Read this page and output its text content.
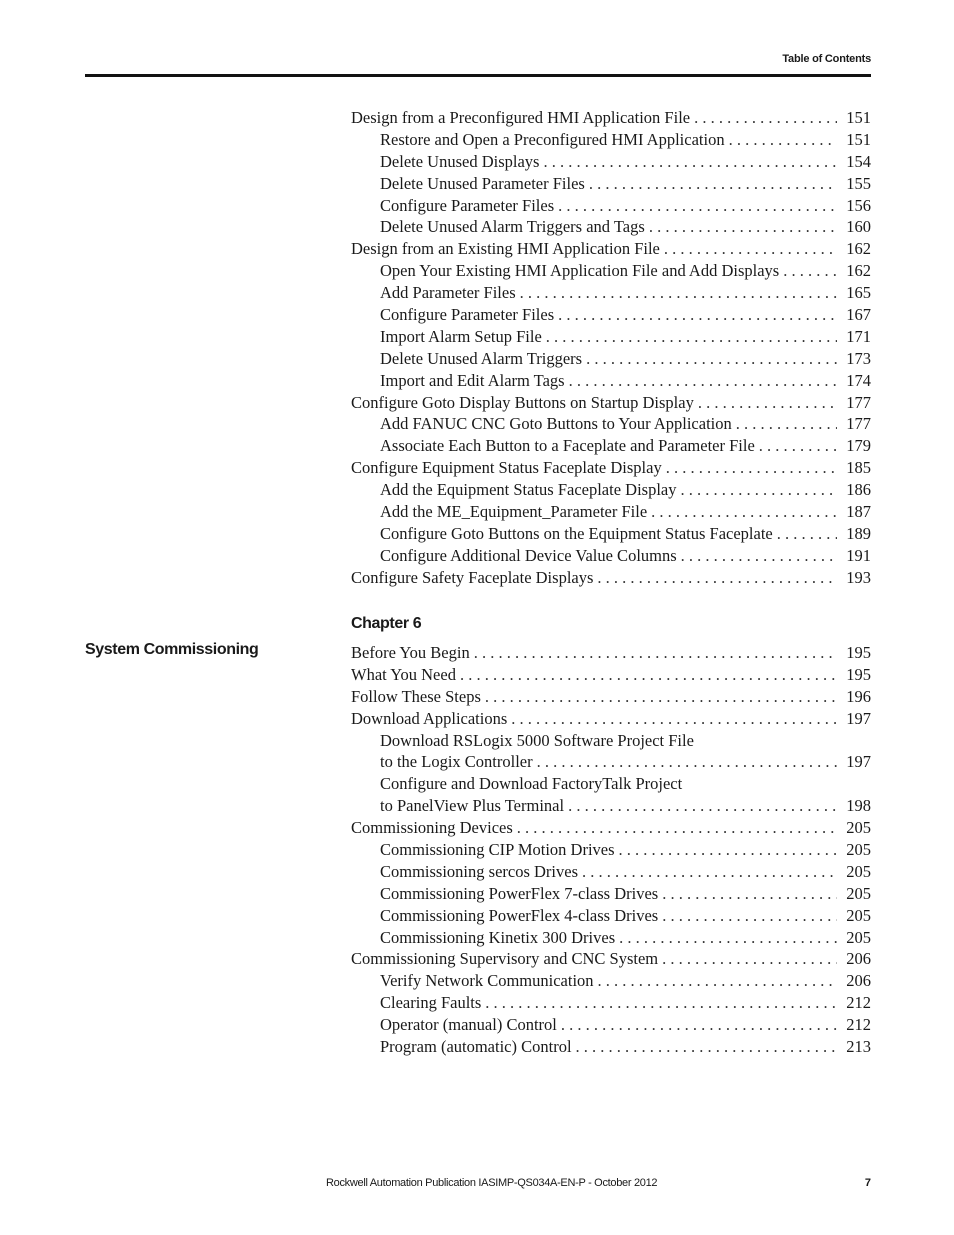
Table of Contents
Design from a Preconfigured HMI Application File . . .	151
Restore and Open a Preconfigured HMI Application . . .	151
Delete Unused Displays . . .	154
Delete Unused Parameter Files . . .	155
Configure Parameter Files . . .	156
Delete Unused Alarm Triggers and Tags . . .	160
Design from an Existing HMI Application File . . .	162
Open Your Existing HMI Application File and Add Displays . . .	162
Add Parameter Files . . .	165
Configure Parameter Files . . .	167
Import Alarm Setup File . . .	171
Delete Unused Alarm Triggers . . .	173
Import and Edit Alarm Tags . . .	174
Configure Goto Display Buttons on Startup Display . . .	177
Add FANUC CNC Goto Buttons to Your Application . . .	177
Associate Each Button to a Faceplate and Parameter File . . .	179
Configure Equipment Status Faceplate Display . . .	185
Add the Equipment Status Faceplate Display . . .	186
Add the ME_Equipment_Parameter File . . .	187
Configure Goto Buttons on the Equipment Status Faceplate . . .	189
Configure Additional Device Value Columns . . .	191
Configure Safety Faceplate Displays . . .	193
Chapter 6
System Commissioning	Before You Begin . . .	195
What You Need . . .	195
Follow These Steps . . .	196
Download Applications . . .	197
Download RSLogix 5000 Software Project File
to the Logix Controller . . .	197
Configure and Download FactoryTalk Project
to PanelView Plus Terminal . . .	198
Commissioning Devices . . .	205
Commissioning CIP Motion Drives . . .	205
Commissioning sercos Drives . . .	205
Commissioning PowerFlex 7-class Drives . . .	205
Commissioning PowerFlex 4-class Drives . . .	205
Commissioning Kinetix 300 Drives . . .	205
Commissioning Supervisory and CNC System . . .	206
Verify Network Communication . . .	206
Clearing Faults . . .	212
Operator (manual) Control . . .	212
Program (automatic) Control . . .	213
Rockwell Automation Publication IASIMP-QS034A-EN-P - October 2012	7
